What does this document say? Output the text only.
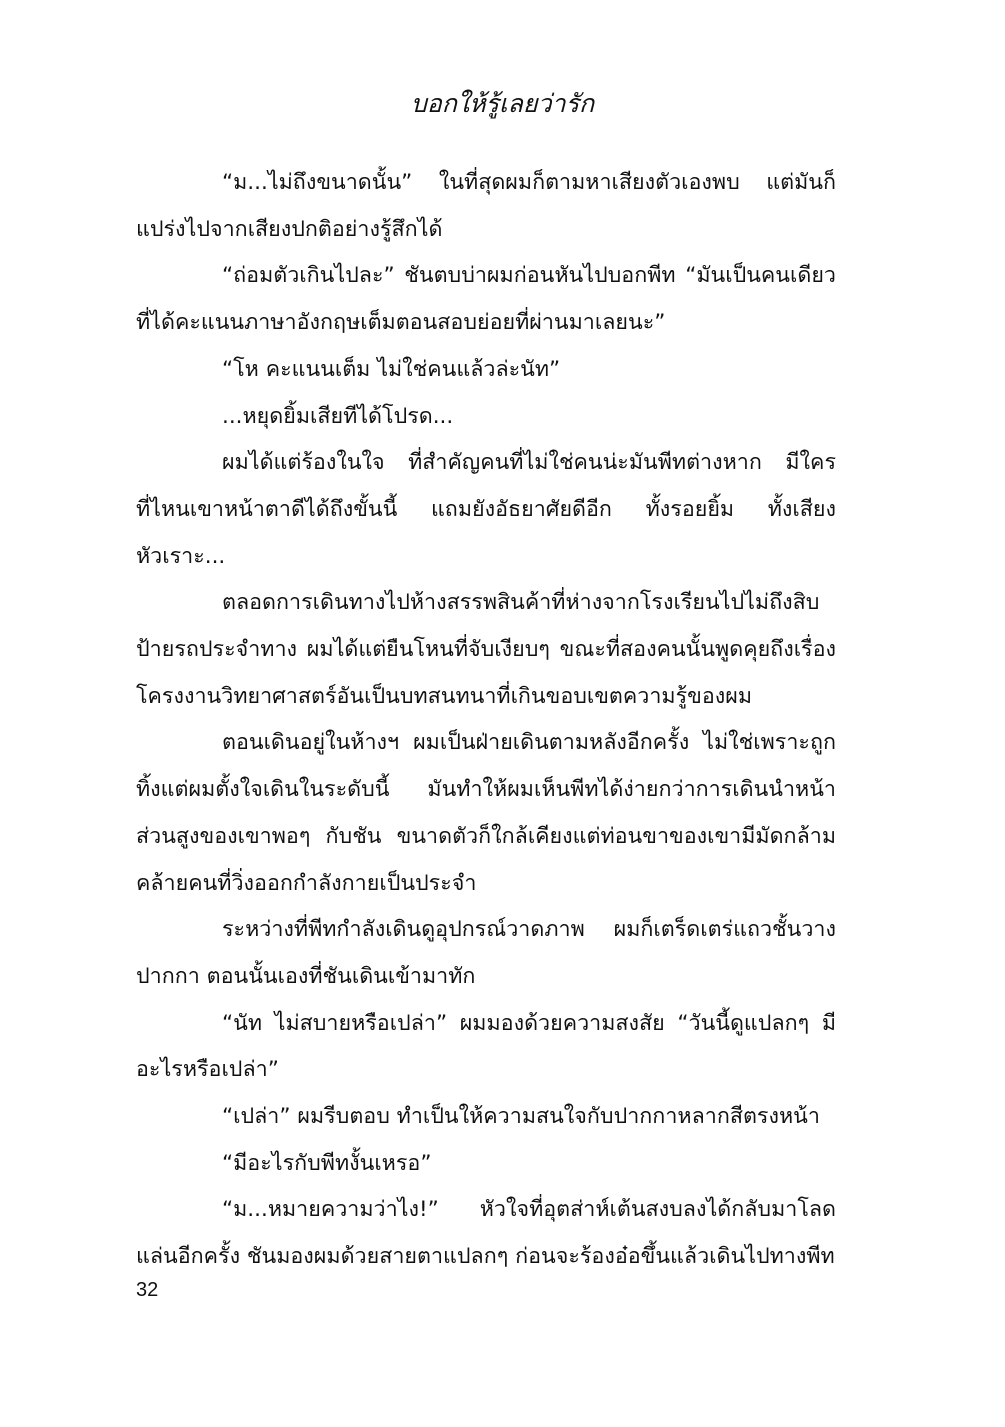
บอกให้รู้เลยว่ารัก

“ม...ไม่ถึงขนาดนั้น” ในที่สุดผมก็ตามหาเสียงตัวเองพบ แต่มันก็แปร่งไปจากเสียงปกติอย่างรู้สึกได้

“ถ่อมตัวเกินไปละ” ชันตบบ่าผมก่อนหันไปบอกพีท “มันเป็นคนเดียวที่ได้คะแนนภาษาอังกฤษเต็มตอนสอบย่อยที่ผ่านมาเลยนะ”

“โห คะแนนเต็ม ไม่ใช่คนแล้วล่ะนัท”

...หยุดยิ้มเสียทีได้โปรด...

ผมได้แต่ร้องในใจ ที่สำคัญคนที่ไม่ใช่คนน่ะมันพีทต่างหาก มีใครที่ไหนเขาหน้าตาดีได้ถึงขั้นนี้ แถมยังอัธยาศัยดีอีก ทั้งรอยยิ้ม ทั้งเสียงหัวเราะ...

ตลอดการเดินทางไปห้างสรรพสินค้าที่ห่างจากโรงเรียนไปไม่ถึงสิบป้ายรถประจำทาง ผมได้แต่ยืนโหนที่จับเงียบๆ ขณะที่สองคนนั้นพูดคุยถึงเรื่องโครงงานวิทยาศาสตร์อันเป็นบทสนทนาที่เกินขอบเขตความรู้ของผม

ตอนเดินอยู่ในห้างฯ ผมเป็นฝ่ายเดินตามหลังอีกครั้ง ไม่ใช่เพราะถูกทิ้งแต่ผมตั้งใจเดินในระดับนี้ มันทำให้ผมเห็นพีทได้ง่ายกว่าการเดินนำหน้าส่วนสูงของเขาพอๆ กับชัน ขนาดตัวก็ใกล้เคียงแต่ท่อนขาของเขามีมัดกล้ามคล้ายคนที่วิ่งออกกำลังกายเป็นประจำ

ระหว่างที่พีทกำลังเดินดูอุปกรณ์วาดภาพ ผมก็เตร็ดเตร่แถวชั้นวางปากกา ตอนนั้นเองที่ชันเดินเข้ามาทัก

“นัท ไม่สบายหรือเปล่า” ผมมองด้วยความสงสัย “วันนี้ดูแปลกๆ มีอะไรหรือเปล่า”

“เปล่า” ผมรีบตอบ ทำเป็นให้ความสนใจกับปากกาหลากสีตรงหน้า

“มีอะไรกับพีทงั้นเหรอ”

“ม...หมายความว่าไง!” หัวใจที่อุตส่าห์เต้นสงบลงได้กลับมาโลดแล่นอีกครั้ง ชันมองผมด้วยสายตาแปลกๆ ก่อนจะร้องอ๋อขึ้นแล้วเดินไปทางพีท

32
